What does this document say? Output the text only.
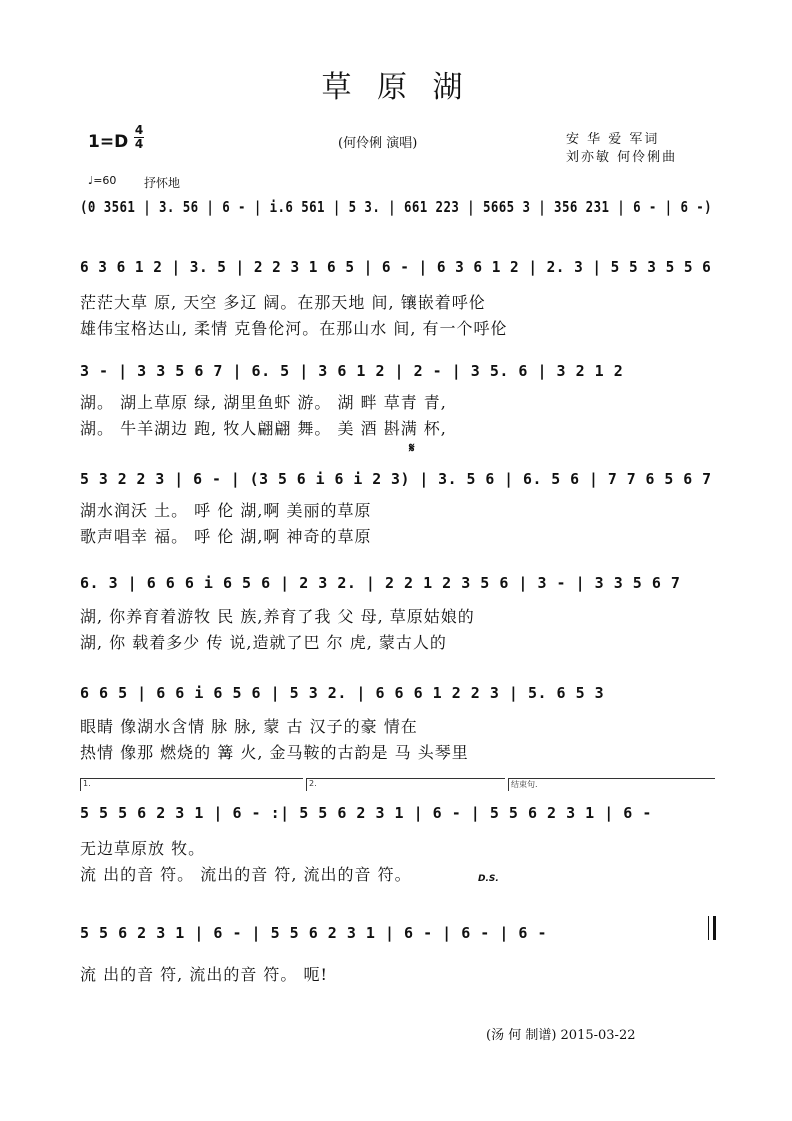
草 原 湖
1=D
4
4	(何伶俐 演唱)	安 华 爱 军词
刘亦敏 何伶俐曲
♩=60 抒怀地
(0 3561 | 3. 56 | 6 - | i.6 561 | 5 3. | 661 223 | 5665 3 | 356 231 | 6 - | 6 -)
6 3 6 1 2 | 3. 5 | 2 2 3 1 6 5 | 6 - | 6 3 6 1 2 | 2. 3 | 5 5 3 5 5 6
茫茫大草 原, 天空 多辽 阔。在那天地 间, 镶嵌着呼伦
雄伟宝格达山, 柔情 克鲁伦河。在那山水 间, 有一个呼伦
3 - | 3 3 5 6 7 | 6. 5 | 3 6 1 2 | 2 - | 3 5. 6 | 3 2 1 2
湖。 湖上草原 绿, 湖里鱼虾 游。 湖 畔 草青 青,
湖。 牛羊湖边 跑, 牧人翩翩 舞。 美 酒 斟满 杯,
𝄋
5 3 2 2 3 | 6 - | (3 5 6 i 6 i 2 3) | 3. 5 6 | 6. 5 6 | 7 7 6 5 6 7
湖水润沃 土。 呼 伦 湖,啊 美丽的草原
歌声唱幸 福。 呼 伦 湖,啊 神奇的草原
6. 3 | 6 6 6 i 6 5 6 | 2 3 2. | 2 2 1 2 3 5 6 | 3 - | 3 3 5 6 7
湖, 你养育着游牧 民 族,养育了我 父 母, 草原姑娘的
湖, 你 载着多少 传 说,造就了巴 尔 虎, 蒙古人的
6 6 5 | 6 6 i 6 5 6 | 5 3 2. | 6 6 6 1 2 2 3 | 5. 6 5 3
眼睛 像湖水含情 脉 脉, 蒙 古 汉子的豪 情在
热情 像那 燃烧的 篝 火, 金马鞍的古韵是 马 头琴里
1.	2.	结束句.
5 5 5 6 2 3 1 | 6 - :| 5 5 6 2 3 1 | 6 - | 5 5 6 2 3 1 | 6 -
无边草原放 牧。
流 出的音 符。 流出的音 符, 流出的音 符。	D.S.
5 5 6 2 3 1 | 6 - | 5 5 6 2 3 1 | 6 - | 6 - | 6 -
流 出的音 符, 流出的音 符。 呃!
(汤 何 制谱) 2015-03-22
